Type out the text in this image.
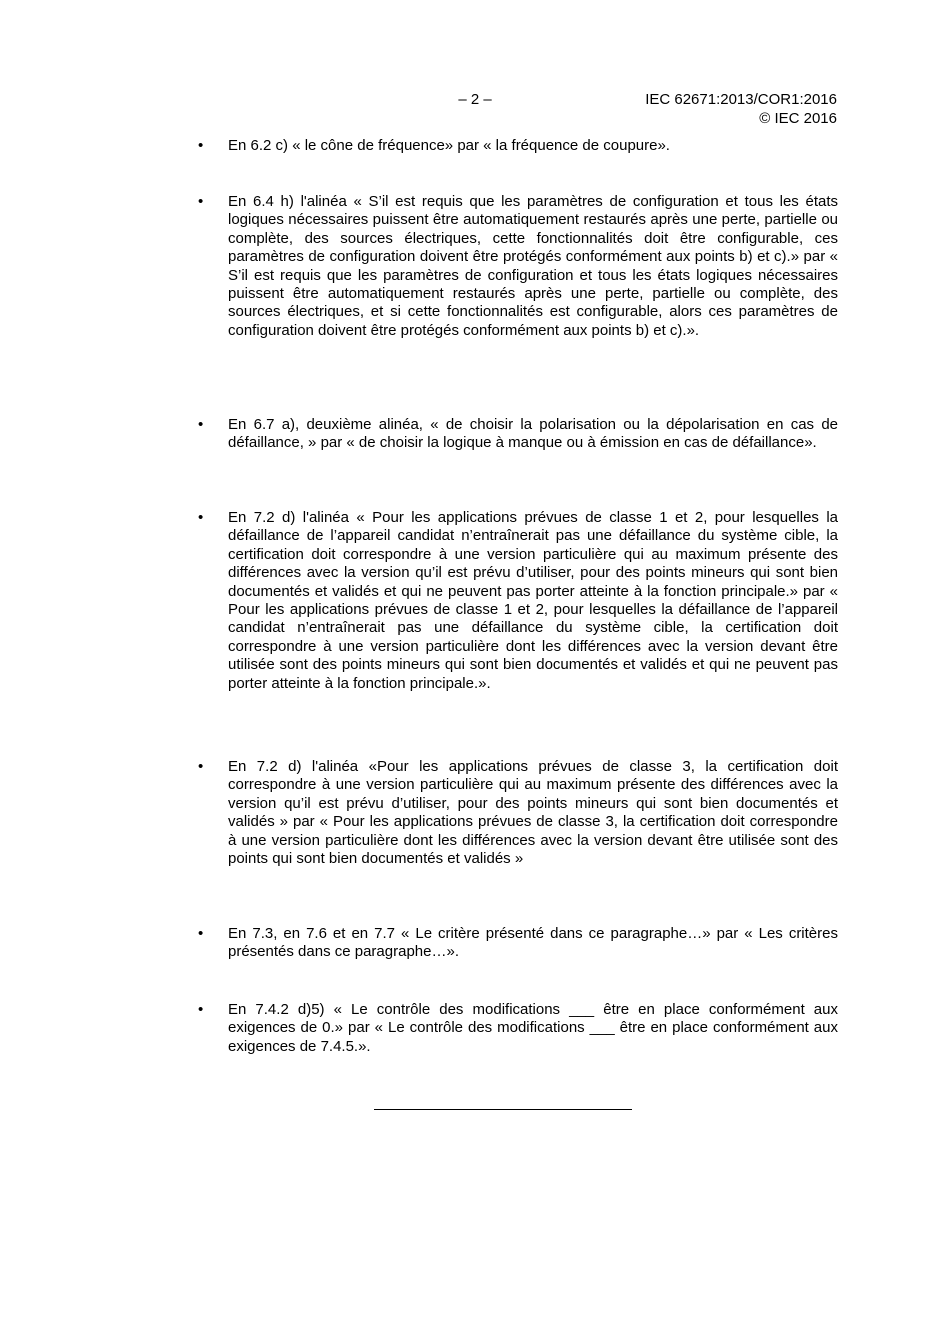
– 2 –	IEC 62671:2013/COR1:2016
© IEC 2016
• En 6.2 c) « le cône de fréquence» par « la fréquence de coupure».
• En 6.4 h) l'alinéa « S’il est requis que les paramètres de configuration et tous les états logiques nécessaires puissent être automatiquement restaurés après une perte, partielle ou complète, des sources électriques, cette fonctionnalités doit être configurable, ces paramètres de configuration doivent être protégés conformément aux points b) et c).» par « S’il est requis que les paramètres de configuration et tous les états logiques nécessaires puissent être automatiquement restaurés après une perte, partielle ou complète, des sources électriques, et si cette fonctionnalités est configurable, alors ces paramètres de configuration doivent être protégés conformément aux points b) et c).».
• En 6.7 a), deuxième alinéa, « de choisir la polarisation ou la dépolarisation en cas de défaillance, » par « de choisir la logique à manque ou à émission en cas de défaillance».
• En 7.2 d) l'alinéa « Pour les applications prévues de classe 1 et 2, pour lesquelles la défaillance de l’appareil candidat n’entraînerait pas une défaillance du système cible, la certification doit correspondre à une version particulière qui au maximum présente des différences avec la version qu’il est prévu d’utiliser, pour des points mineurs qui sont bien documentés et validés et qui ne peuvent pas porter atteinte à la fonction principale.» par « Pour les applications prévues de classe 1 et 2, pour lesquelles la défaillance de l’appareil candidat n’entraînerait pas une défaillance du système cible, la certification doit correspondre à une version particulière dont les différences avec la version devant être utilisée sont des points mineurs qui sont bien documentés et validés et qui ne peuvent pas porter atteinte à la fonction principale.».
• En 7.2 d) l'alinéa «Pour les applications prévues de classe 3, la certification doit correspondre à une version particulière qui au maximum présente des différences avec la version qu’il est prévu d’utiliser, pour des points mineurs qui sont bien documentés et validés » par « Pour les applications prévues de classe 3, la certification doit correspondre à une version particulière dont les différences avec la version devant être utilisée sont des points qui sont bien documentés et validés »
• En 7.3, en 7.6 et en 7.7 « Le critère présenté dans ce paragraphe…» par « Les critères présentés dans ce paragraphe…».
• En 7.4.2 d)5) « Le contrôle des modifications ___ être en place conformément aux exigences de 0.» par « Le contrôle des modifications ___ être en place conformément aux exigences de 7.4.5.».
